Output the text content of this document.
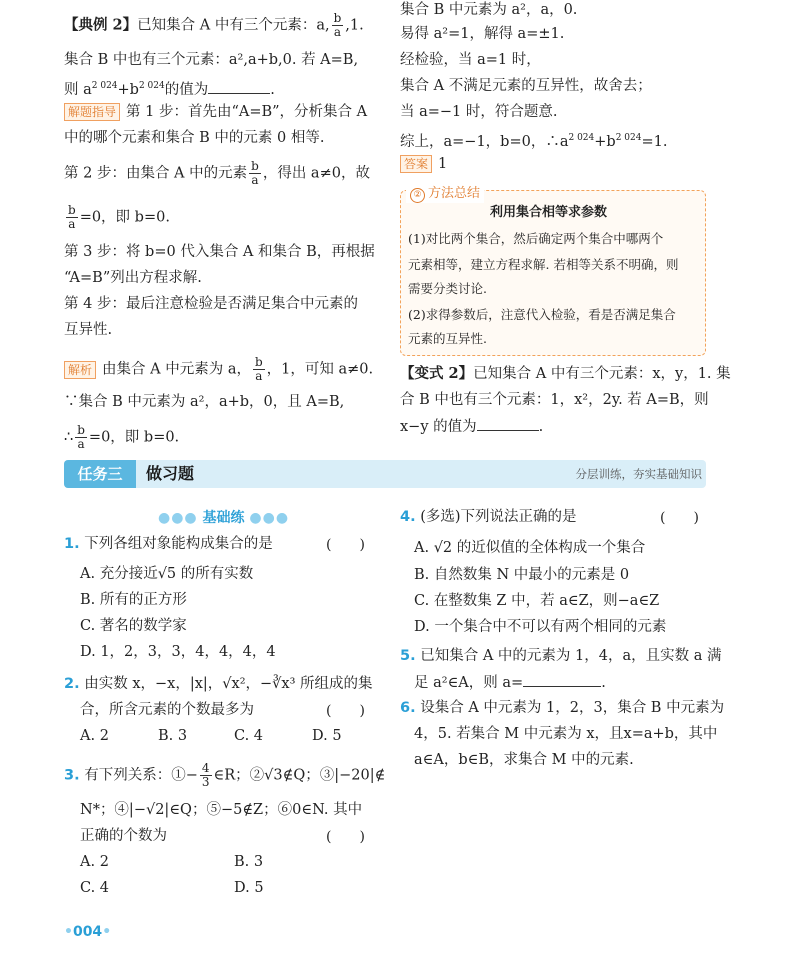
【典例 2】已知集合 A 中有三个元素：a, $\frac{b}{a} ,1$.
集合 B 中也有三个元素：a²,a+b,0. 若 A=B,
则 $a^{2 024}+b^{2 024}$的值为	.
解题指导 第 1 步：首先由“A=B”，分析集合 A
中的哪个元素和集合 B 中的元素 0 相等.
第 2 步：由集合 A 中的元素 $\frac{b}{a}$ ，得出 a≠0，故
$\frac{b}{a} =0$，即 b=0.
第 3 步：将 b=0 代入集合 A 和集合 B，再根据
“A=B”列出方程求解.
第 4 步：最后注意检验是否满足集合中元素的
互异性.
解析 由集合 A 中元素为 a， $\frac{b}{a}$ ，1，可知 a≠0.
∵集合 B 中元素为 a²，a+b，0，且 A=B,
∴ $\frac{b}{a} =0$，即 b=0.
集合 B 中元素为 a²，a，0.
易得 a²=1，解得 a=±1.
经检验，当 a=1 时，
集合 A 不满足元素的互异性，故舍去；
当 a=−1 时，符合题意.
综上，a=−1，b=0，$\therefore a^{2 024}+b^{2 024}=1$.
答案 1
② 方法总结
利用集合相等求参数
(1)对比两个集合，然后确定两个集合中哪两个
元素相等，建立方程求解. 若相等关系不明确，则
需要分类讨论.
(2)求得参数后，注意代入检验，看是否满足集合
元素的互异性.
【变式 2】已知集合 A 中有三个元素：x，y，1. 集
合 B 中也有三个元素：1，x²，2y. 若 A=B，则
x−y 的值为	.
任务三	做习题	分层训练，夯实基础知识
●●● 基础练 ●●●
1. 下列各组对象能构成集合的是	(　　)
A. 充分接近√5 的所有实数
B. 所有的正方形
C. 著名的数学家
D. 1，2，3，3，4，4，4，4
2. 由实数 x，−x，|x|，√x²，−∛x³ 所组成的集
合，所含元素的个数最多为	(　　)
A. 2	B. 3	C. 4	D. 5
3. 有下列关系：①− $\frac{4}{3}$ ∈R；②√3∉Q；③|−20|∉
N*；④|−√2|∈Q；⑤−5∉Z；⑥0∈N. 其中
正确的个数为	(　　)
A. 2	B. 3
C. 4	D. 5
4. (多选)下列说法正确的是	(　　)
A. √2 的近似值的全体构成一个集合
B. 自然数集 N 中最小的元素是 0
C. 在整数集 Z 中，若 a∈Z，则−a∈Z
D. 一个集合中不可以有两个相同的元素
5. 已知集合 A 中的元素为 1，4，a，且实数 a 满
足 a²∈A，则 a=	.
6. 设集合 A 中元素为 1，2，3，集合 B 中元素为
4，5. 若集合 M 中元素为 x，且x=a+b，其中
a∈A，b∈B，求集合 M 中的元素.
•004•
